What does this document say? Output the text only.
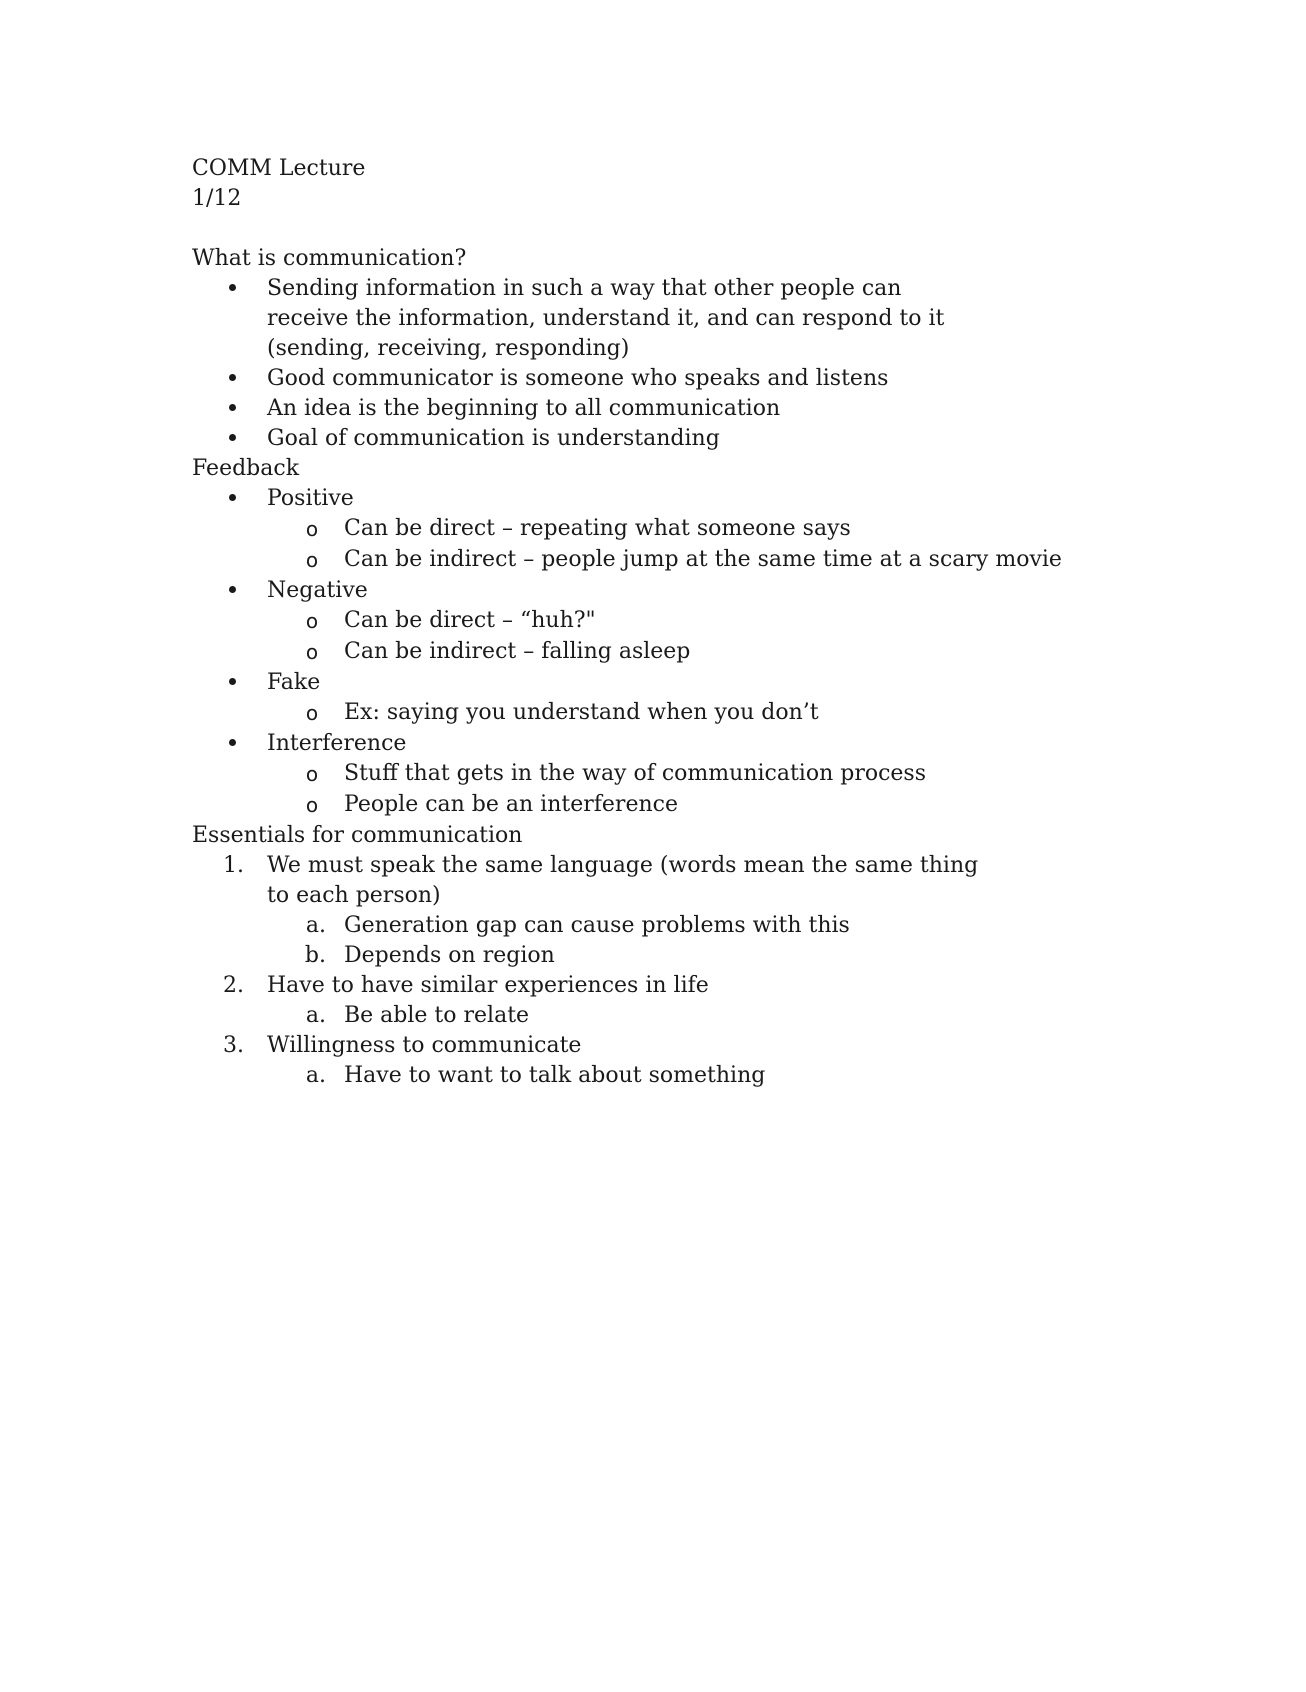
COMM Lecture
1/12
What is communication?
Sending information in such a way that other people can receive the information, understand it, and can respond to it (sending, receiving, responding)
Good communicator is someone who speaks and listens
An idea is the beginning to all communication
Goal of communication is understanding
Feedback
Positive
o Can be direct – repeating what someone says
o Can be indirect – people jump at the same time at a scary movie
Negative
o Can be direct – “huh?"
o Can be indirect – falling asleep
Fake
o Ex: saying you understand when you don’t
Interference
o Stuff that gets in the way of communication process
o People can be an interference
Essentials for communication
1. We must speak the same language (words mean the same thing to each person)
a. Generation gap can cause problems with this
b. Depends on region
2. Have to have similar experiences in life
a. Be able to relate
3. Willingness to communicate
a. Have to want to talk about something
